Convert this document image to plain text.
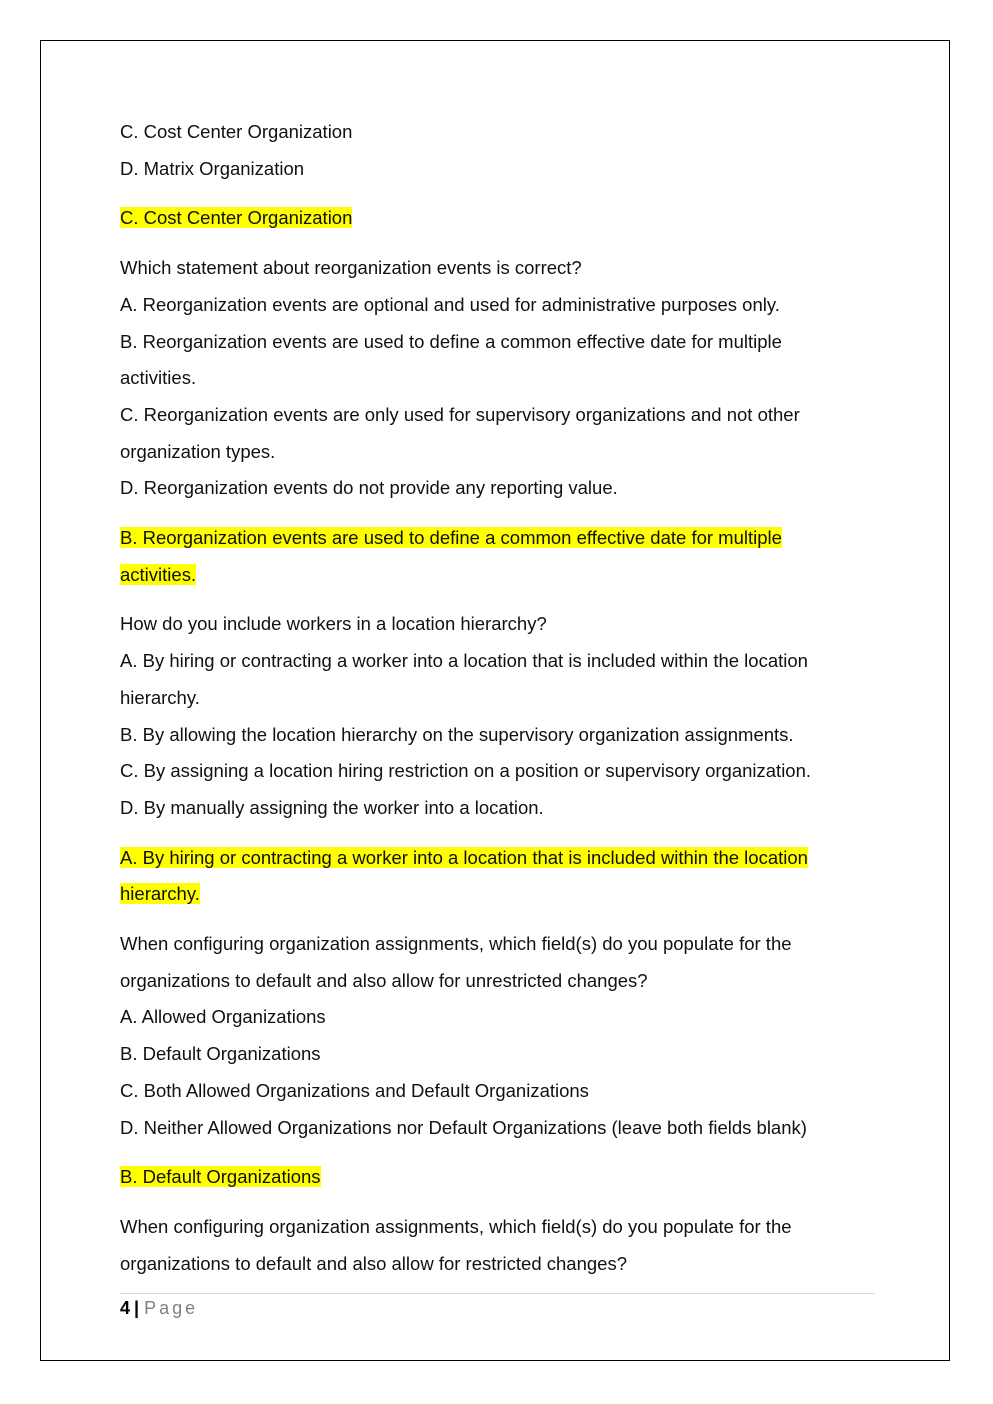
C. Cost Center Organization
D. Matrix Organization
C. Cost Center Organization
Which statement about reorganization events is correct?
A. Reorganization events are optional and used for administrative purposes only.
B. Reorganization events are used to define a common effective date for multiple
activities.
C. Reorganization events are only used for supervisory organizations and not other
organization types.
D. Reorganization events do not provide any reporting value.
B. Reorganization events are used to define a common effective date for multiple
activities.
How do you include workers in a location hierarchy?
A. By hiring or contracting a worker into a location that is included within the location
hierarchy.
B. By allowing the location hierarchy on the supervisory organization assignments.
C. By assigning a location hiring restriction on a position or supervisory organization.
D. By manually assigning the worker into a location.
A. By hiring or contracting a worker into a location that is included within the location
hierarchy.
When configuring organization assignments, which field(s) do you populate for the
organizations to default and also allow for unrestricted changes?
A. Allowed Organizations
B. Default Organizations
C. Both Allowed Organizations and Default Organizations
D. Neither Allowed Organizations nor Default Organizations (leave both fields blank)
B. Default Organizations
When configuring organization assignments, which field(s) do you populate for the
organizations to default and also allow for restricted changes?
4 | Page
